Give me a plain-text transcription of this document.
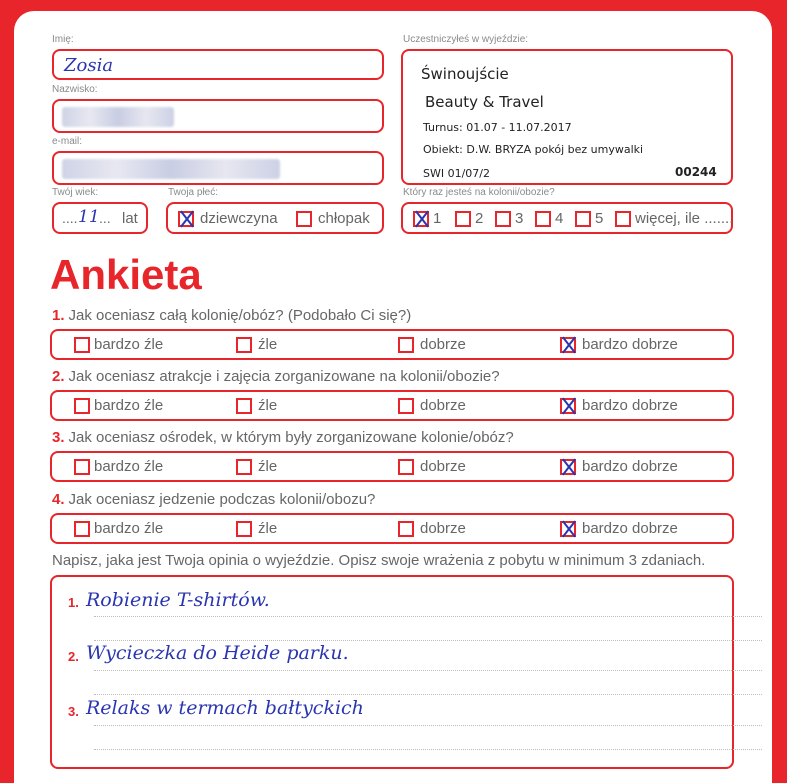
Imię:
Zosia
Nazwisko:
e-mail:
Twój wiek:
.... 11 ... lat
Twoja płeć:
dziewczyna	chłopak
Uczestniczyłeś w wyjeździe:
Świnoujście
Beauty & Travel
Turnus: 01.07 - 11.07.2017
Obiekt: D.W. BRYZA pokój bez umywalki
SWI 01/07/2	00244
Który raz jesteś na kolonii/obozie?
1 2 3 4 5 więcej, ile .......
Ankieta
1. Jak oceniasz całą kolonię/obóz? (Podobało Ci się?)
bardzo źle	źle	dobrze	bardzo dobrze
2. Jak oceniasz atrakcje i zajęcia zorganizowane na kolonii/obozie?
bardzo źle	źle	dobrze	bardzo dobrze
3. Jak oceniasz ośrodek, w którym były zorganizowane kolonie/obóz?
bardzo źle	źle	dobrze	bardzo dobrze
4. Jak oceniasz jedzenie podczas kolonii/obozu?
bardzo źle	źle	dobrze	bardzo dobrze
Napisz, jaka jest Twoja opinia o wyjeździe. Opisz swoje wrażenia z pobytu w minimum 3 zdaniach.
1. Robienie T-shirtów.
2. Wycieczka do Heide parku.
3. Relaks w termach bałtyckich
